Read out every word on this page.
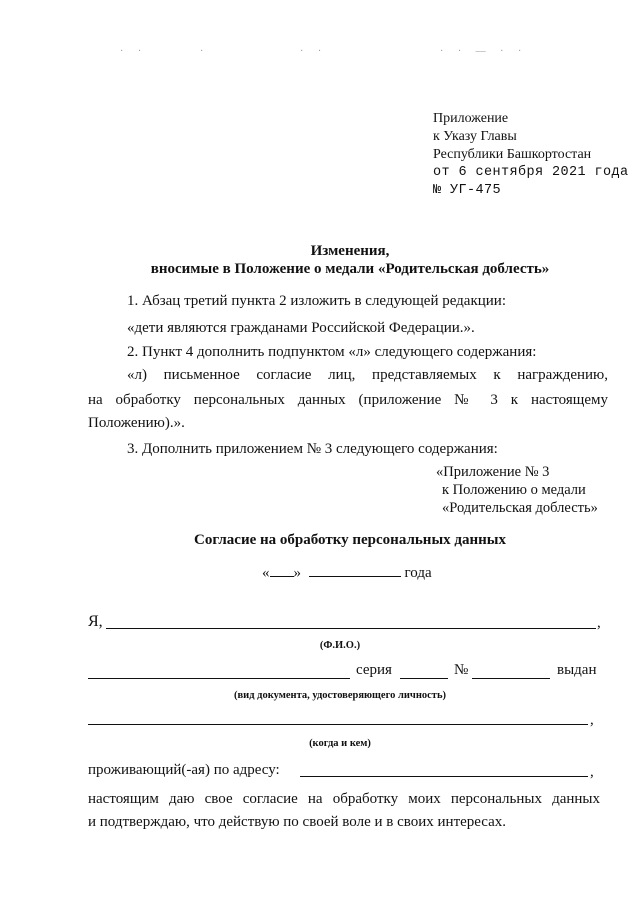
· ·	·	· ·	· · — · ·
Приложение
к Указу Главы
Республики Башкортостан
от 6 сентября 2021 года
№ УГ-475
Изменения,
вносимые в Положение о медали «Родительская доблесть»
1. Абзац третий пункта 2 изложить в следующей редакции:
«дети являются гражданами Российской Федерации.».
2. Пункт 4 дополнить подпунктом «л» следующего содержания:
«л) письменное согласие лиц, представляемых к награждению,
на обработку персональных данных (приложение № 3 к настоящему
Положению).».
3. Дополнить приложением № 3 следующего содержания:
«Приложение № 3
к Положению о медали
«Родительская доблесть»
Согласие на обработку персональных данных
« »	года
Я,	,
(Ф.И.О.)
серия	№	выдан
(вид документа, удостоверяющего личность)
,
(когда и кем)
проживающий(-ая) по адресу:	,
настоящим даю свое согласие на обработку моих персональных данных
и подтверждаю, что действую по своей воле и в своих интересах.
